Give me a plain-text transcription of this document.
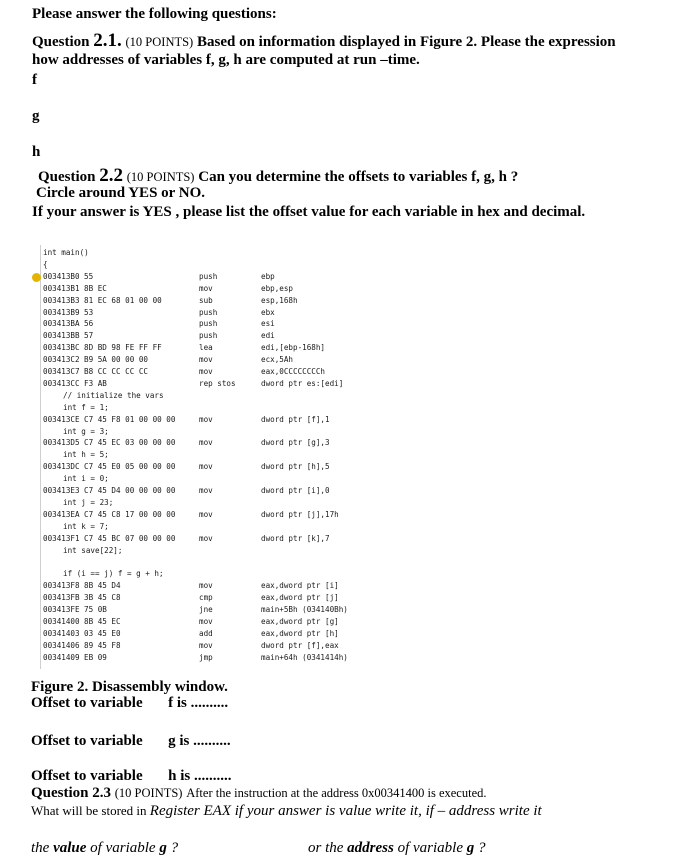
Please answer the following questions:
Question 2.1. (10 POINTS) Based on information displayed in Figure 2. Please the expression
how addresses of variables f, g, h are computed at run –time.
f
g
h
Question 2.2 (10 POINTS) Can you determine the offsets to variables f, g, h ?
Circle around YES or NO.
If your answer is YES , please list the offset value for each variable in hex and decimal.
int main()
{
003413B0 55	push	ebp
003413B1 8B EC	mov	ebp,esp
003413B3 81 EC 68 01 00 00	sub	esp,168h
003413B9 53	push	ebx
003413BA 56	push	esi
003413BB 57	push	edi
003413BC 8D BD 98 FE FF FF	lea	edi,[ebp-168h]
003413C2 B9 5A 00 00 00	mov	ecx,5Ah
003413C7 B8 CC CC CC CC	mov	eax,0CCCCCCCCh
003413CC F3 AB	rep stos	dword ptr es:[edi]
// initialize the vars
int f = 1;
003413CE C7 45 F8 01 00 00 00	mov	dword ptr [f],1
int g = 3;
003413D5 C7 45 EC 03 00 00 00	mov	dword ptr [g],3
int h = 5;
003413DC C7 45 E0 05 00 00 00	mov	dword ptr [h],5
int i = 0;
003413E3 C7 45 D4 00 00 00 00	mov	dword ptr [i],0
int j = 23;
003413EA C7 45 C8 17 00 00 00	mov	dword ptr [j],17h
int k = 7;
003413F1 C7 45 BC 07 00 00 00	mov	dword ptr [k],7
int save[22];
if (i == j) f = g + h;
003413F8 8B 45 D4	mov	eax,dword ptr [i]
003413FB 3B 45 C8	cmp	eax,dword ptr [j]
003413FE 75 0B	jne	main+5Bh (034140Bh)
00341400 8B 45 EC	mov	eax,dword ptr [g]
00341403 03 45 E0	add	eax,dword ptr [h]
00341406 89 45 F8	mov	dword ptr [f],eax
00341409 EB 09	jmp	main+64h (0341414h)
Figure 2. Disassembly window.
Offset to variable f is ..........
Offset to variable g is ..........
Offset to variable h is ..........
Question 2.3 (10 POINTS) After the instruction at the address 0x00341400 is executed.
What will be stored in Register EAX if your answer is value write it, if – address write it
the value of variable g ?	or the address of variable g ?
